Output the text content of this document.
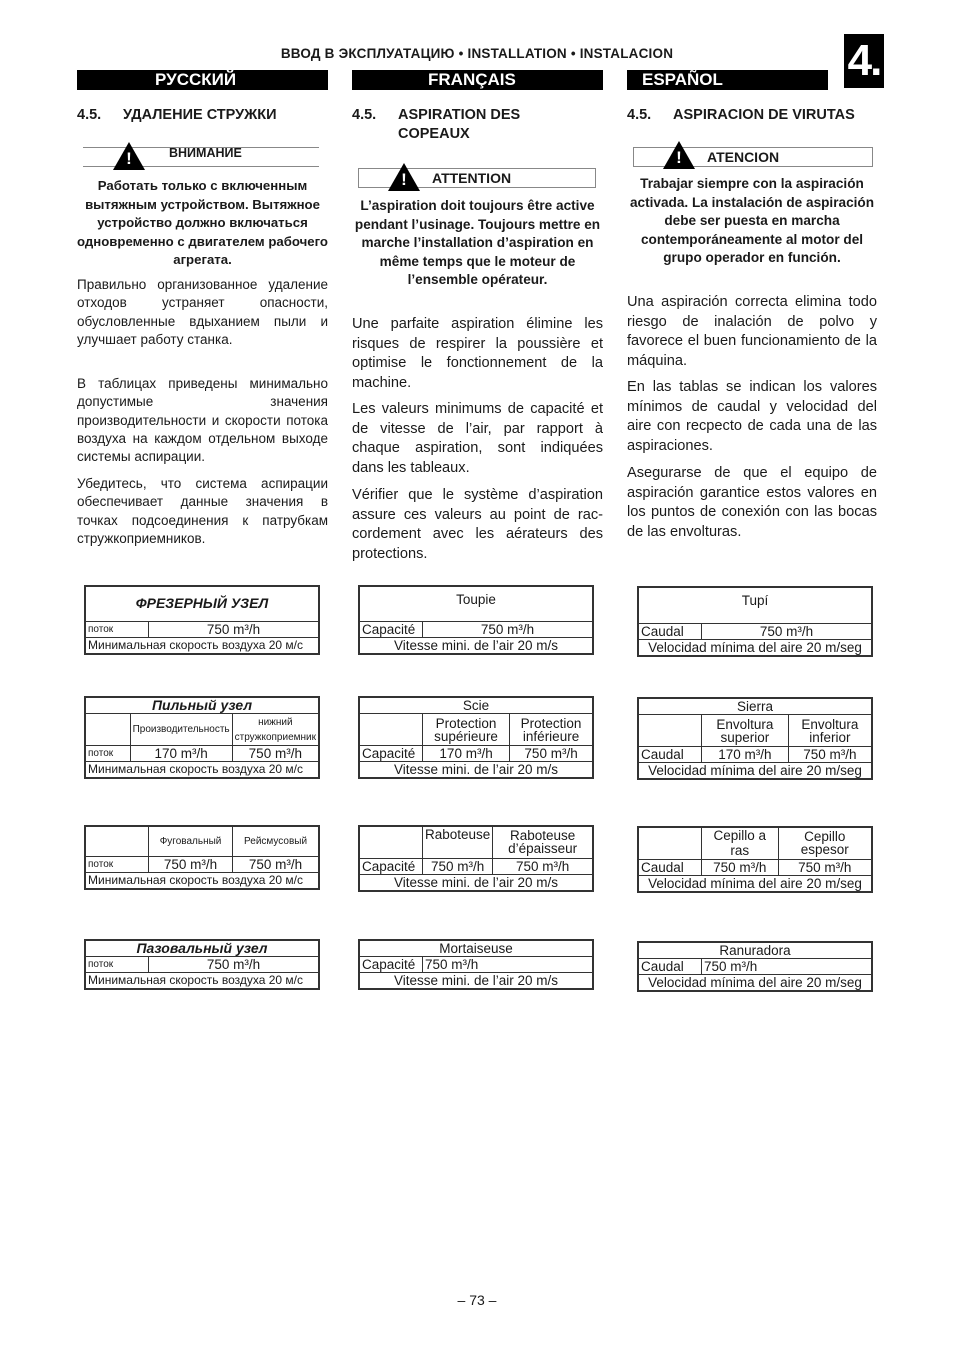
ВВОД В ЭКСПЛУАТАЦИЮ • INSTALLATION • INSTALACION	4.
РУССКИЙ	FRANÇAIS	ESPAÑOL
4.5. УДАЛЕНИЕ СТРУЖКИ
!	ВНИМАНИЕ
Работать только с включенным вытяжным устройством. Вытяжное устройство должно включаться одновременно с двигателем рабочего агрегата.
Правильно организованное удаление отходов устраняет опасности, обусловленные вдыханием пыли и улучшает работу станка.
В таблицах приведены минимально допустимые значения производительности и скорости потока воздуха на каждом отдельном выходе системы аспирации.
Убедитесь, что система аспирации обеспечивает данные значения в точках подсоединения к патрубкам стружкоприемников.
ФРЕЗЕРНЫЙ УЗЕЛ
поток	750 m³/h
Минимальная скорость воздуха 20 м/с
Пильный узел		
	Производительность	нижний стружкоприемник
поток	170 m³/h	750 m³/h
Минимальная скорость воздуха 20 м/с		
	Фуговальный	Рейсмусовый
поток	750 m³/h	750 m³/h
Минимальная скорость воздуха 20 м/с		
Пазовальный узел
поток	750 m³/h
Минимальная скорость воздуха 20 м/с
4.5. ASPIRATION DES
COPEAUX
!	ATTENTION
L’aspiration doit toujours être active pendant l’usinage. Toujours mettre en marche l’installation d’aspiration en même temps que le moteur de l’ensemble opérateur.
Une parfaite aspiration élimine les risques de respirer la poussière et optimise le fonctionnement de la machine.
Les valeurs minimums de capacité et de vitesse de l’air, par rapport à chaque aspiration, sont indiquées dans les tableaux.
Vérifier que le système d’aspiration assure ces valeurs au point de rac-cordement avec les aérateurs des protections.
Toupie
Capacité	750 m³/h
Vitesse mini. de l’air 20 m/s
Scie		
	Protection supérieure	Protection inférieure
Capacité	170 m³/h	750 m³/h
Vitesse mini. de l’air 20 m/s		
	Raboteuse	Raboteuse d’épaisseur
Capacité	750 m³/h	750 m³/h
Vitesse mini. de l’air 20 m/s		
Mortaiseuse
Capacité	750 m³/h
Vitesse mini. de l’air 20 m/s
4.5. ASPIRACION DE VIRUTAS
!	ATENCION
Trabajar siempre con la aspiración activada. La instalación de aspiración debe ser puesta en marcha contemporáneamente al motor del grupo operador en función.
Una aspiración correcta elimina todo riesgo de inalación de polvo y favorece el buen funcionamiento de la máquina.
En las tablas se indican los valores mínimos de caudal y velocidad del aire con recpecto de cada una de las aspiraciones.
Asegurarse de que el equipo de aspiración garantice estos valores en los puntos de conexión con las bocas de las envolturas.
Tupí
Caudal	750 m³/h
Velocidad mínima del aire 20 m/seg
Sierra		
	Envoltura superior	Envoltura inferior
Caudal	170 m³/h	750 m³/h
Velocidad mínima del aire 20 m/seg		
	Cepillo a ras	Cepillo espesor
Caudal	750 m³/h	750 m³/h
Velocidad mínima del aire 20 m/seg		
Ranuradora
Caudal	750 m³/h
Velocidad mínima del aire 20 m/seg
– 73 –
